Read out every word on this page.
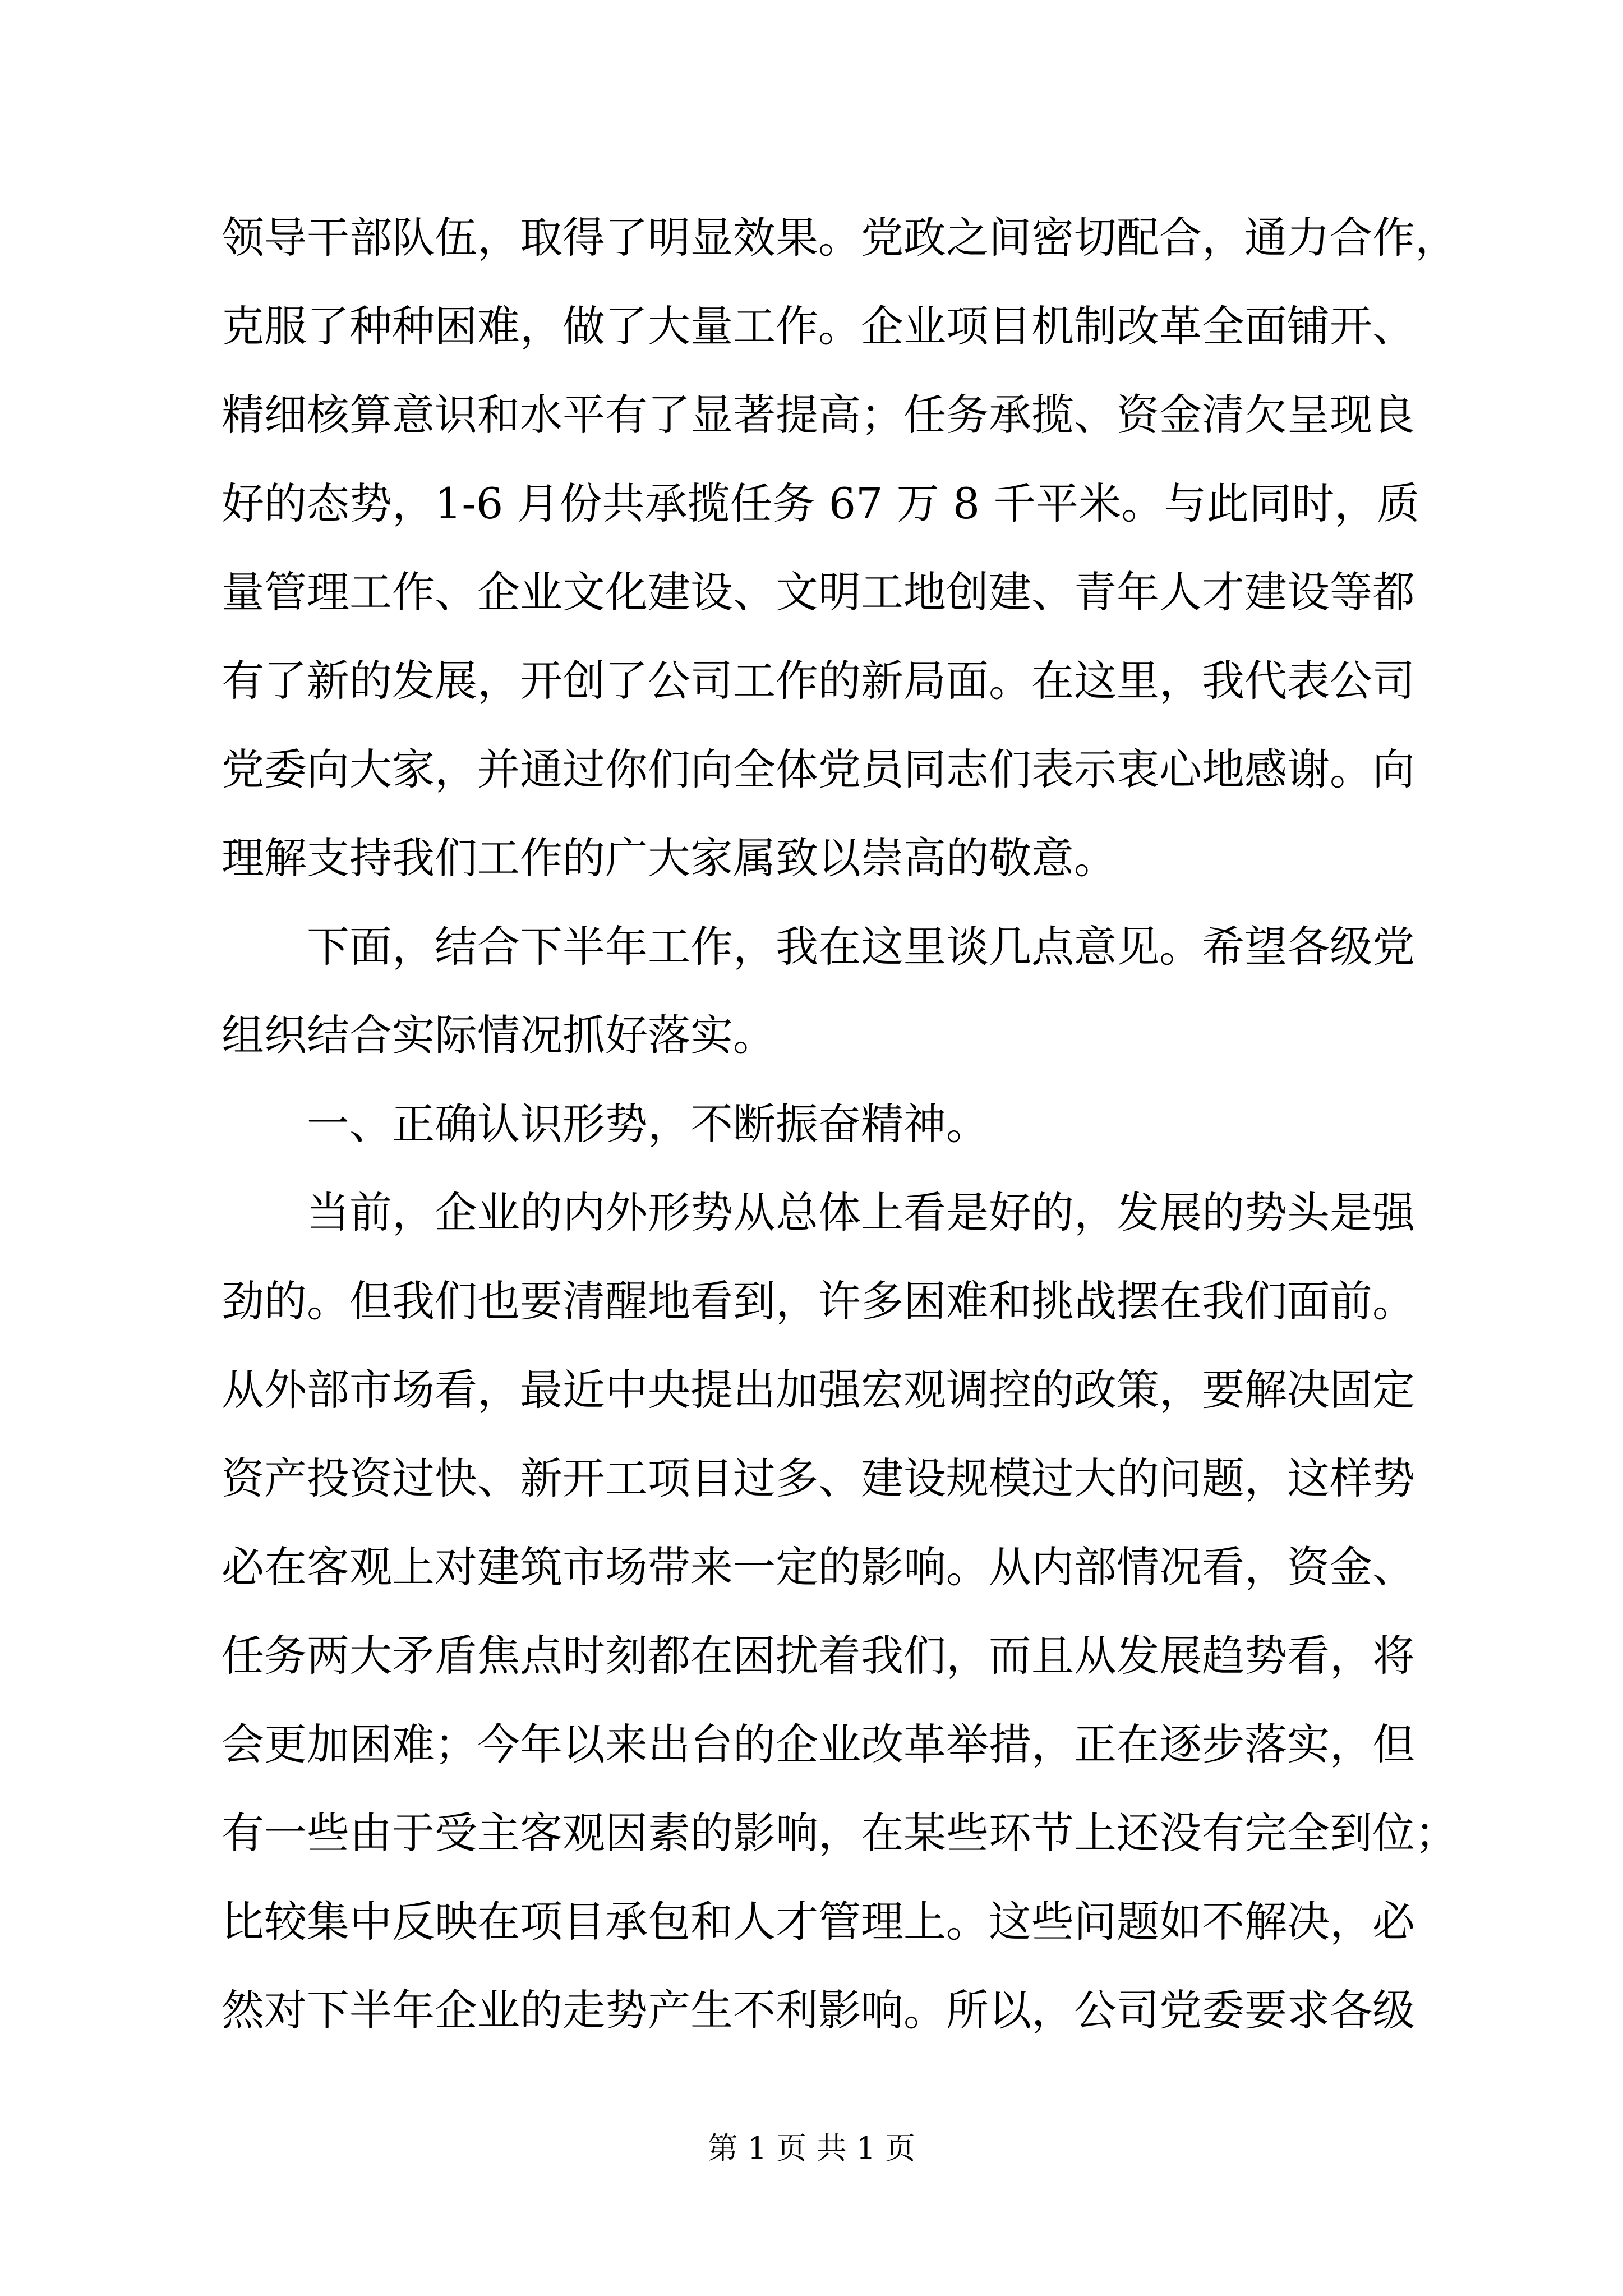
领导干部队伍，取得了明显效果。党政之间密切配合，通力合作，
克服了种种困难，做了大量工作。企业项目机制改革全面铺开、
精细核算意识和水平有了显著提高；任务承揽、资金清欠呈现良
好的态势，1-6 月份共承揽任务 67 万 8 千平米。与此同时，质
量管理工作、企业文化建设、文明工地创建、青年人才建设等都
有了新的发展，开创了公司工作的新局面。在这里，我代表公司
党委向大家，并通过你们向全体党员同志们表示衷心地感谢。向
理解支持我们工作的广大家属致以崇高的敬意。
下面，结合下半年工作，我在这里谈几点意见。希望各级党
组织结合实际情况抓好落实。
一、正确认识形势，不断振奋精神。
当前，企业的内外形势从总体上看是好的，发展的势头是强
劲的。但我们也要清醒地看到，许多困难和挑战摆在我们面前。
从外部市场看，最近中央提出加强宏观调控的政策，要解决固定
资产投资过快、新开工项目过多、建设规模过大的问题，这样势
必在客观上对建筑市场带来一定的影响。从内部情况看，资金、
任务两大矛盾焦点时刻都在困扰着我们，而且从发展趋势看，将
会更加困难；今年以来出台的企业改革举措，正在逐步落实，但
有一些由于受主客观因素的影响，在某些环节上还没有完全到位；
比较集中反映在项目承包和人才管理上。这些问题如不解决，必
然对下半年企业的走势产生不利影响。所以，公司党委要求各级
第 1 页 共 1 页
